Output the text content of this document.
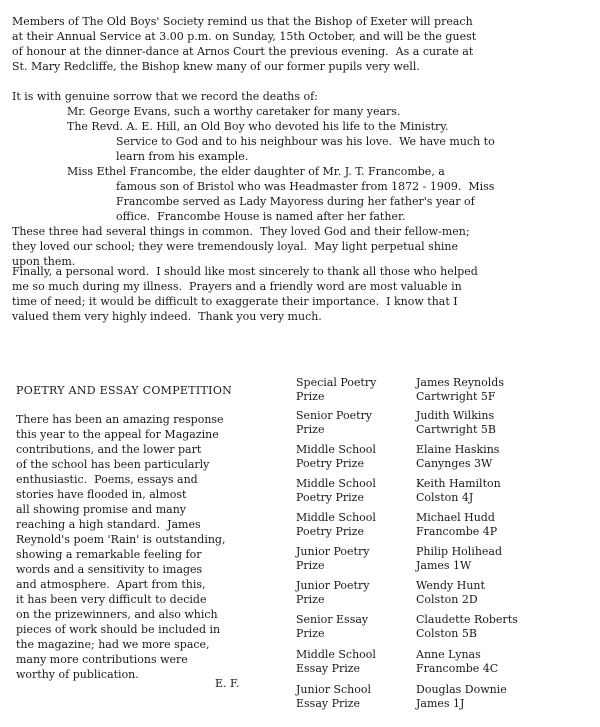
Members of The Old Boys' Society remind us that the Bishop of Exeter will preach
at their Annual Service at 3.00 p.m. on Sunday, 15th October, and will be the guest
of honour at the dinner-dance at Arnos Court the previous evening.  As a curate at
St. Mary Redcliffe, the Bishop knew many of our former pupils very well.
It is with genuine sorrow that we record the deaths of:
Mr. George Evans, such a worthy caretaker for many years.
The Revd. A. E. Hill, an Old Boy who devoted his life to the Ministry.
Service to God and to his neighbour was his love.  We have much to
learn from his example.
Miss Ethel Francombe, the elder daughter of Mr. J. T. Francombe, a
famous son of Bristol who was Headmaster from 1872 - 1909.  Miss
Francombe served as Lady Mayoress during her father's year of
office.  Francombe House is named after her father.
These three had several things in common.  They loved God and their fellow-men;
they loved our school; they were tremendously loyal.  May light perpetual shine
upon them.
Finally, a personal word.  I should like most sincerely to thank all those who helped
me so much during my illness.  Prayers and a friendly word are most valuable in
time of need; it would be difficult to exaggerate their importance.  I know that I
valued them very highly indeed.  Thank you very much.
POETRY AND ESSAY COMPETITION
There has been an amazing response
this year to the appeal for Magazine
contributions, and the lower part
of the school has been particularly
enthusiastic.  Poems, essays and
stories have flooded in, almost
all showing promise and many
reaching a high standard.  James
Reynold's poem 'Rain' is outstanding,
showing a remarkable feeling for
words and a sensitivity to images
and atmosphere.  Apart from this,
it has been very difficult to decide
on the prizewinners, and also which
pieces of work should be included in
the magazine; had we more space,
many more contributions were
worthy of publication.
E. F.
Special Poetry
Prize
James Reynolds
Cartwright 5F
Senior Poetry
Prize
Judith Wilkins
Cartwright 5B
Middle School
Poetry Prize
Elaine Haskins
Canynges 3W
Middle School
Poetry Prize
Keith Hamilton
Colston 4J
Middle School
Poetry Prize
Michael Hudd
Francombe 4P
Junior Poetry
Prize
Philip Holihead
James 1W
Junior Poetry
Prize
Wendy Hunt
Colston 2D
Senior Essay
Prize
Claudette Roberts
Colston 5B
Middle School
Essay Prize
Anne Lynas
Francombe 4C
Junior School
Essay Prize
Douglas Downie
James 1J
